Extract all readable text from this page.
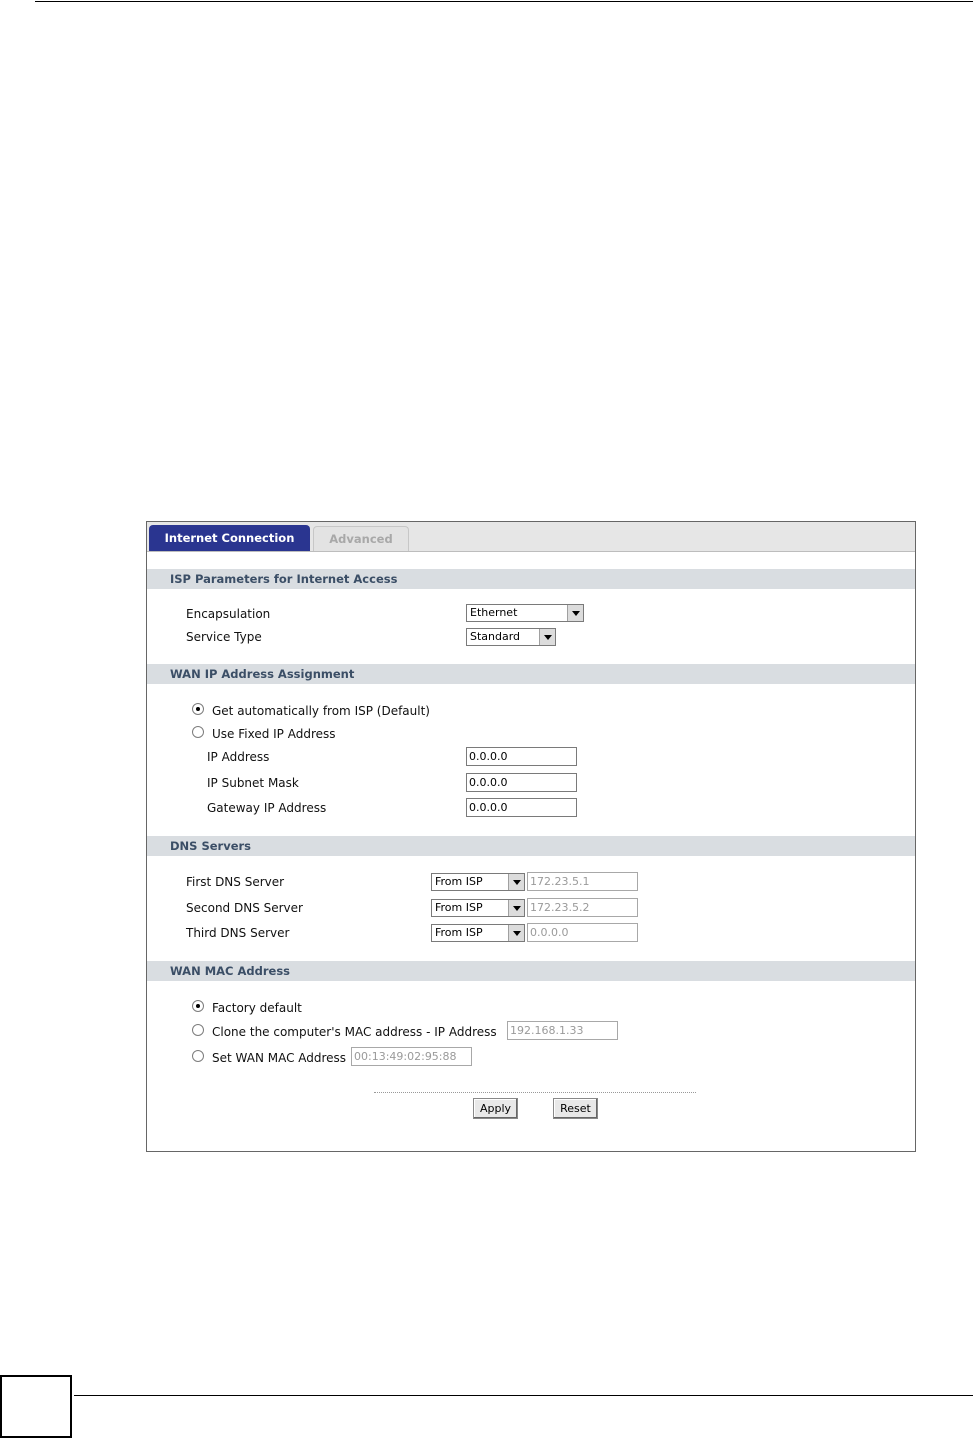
Internet Connection	Advanced
ISP Parameters for Internet Access
Encapsulation	Ethernet
Service Type	Standard
WAN IP Address Assignment
Get automatically from ISP (Default)
Use Fixed IP Address
IP Address	0.0.0.0
IP Subnet Mask	0.0.0.0
Gateway IP Address	0.0.0.0
DNS Servers
First DNS Server	From ISP	172.23.5.1
Second DNS Server	From ISP	172.23.5.2
Third DNS Server	From ISP	0.0.0.0
WAN MAC Address
Factory default
Clone the computer's MAC address - IP Address 192.168.1.33
Set WAN MAC Address 00:13:49:02:95:88
Apply	Reset
